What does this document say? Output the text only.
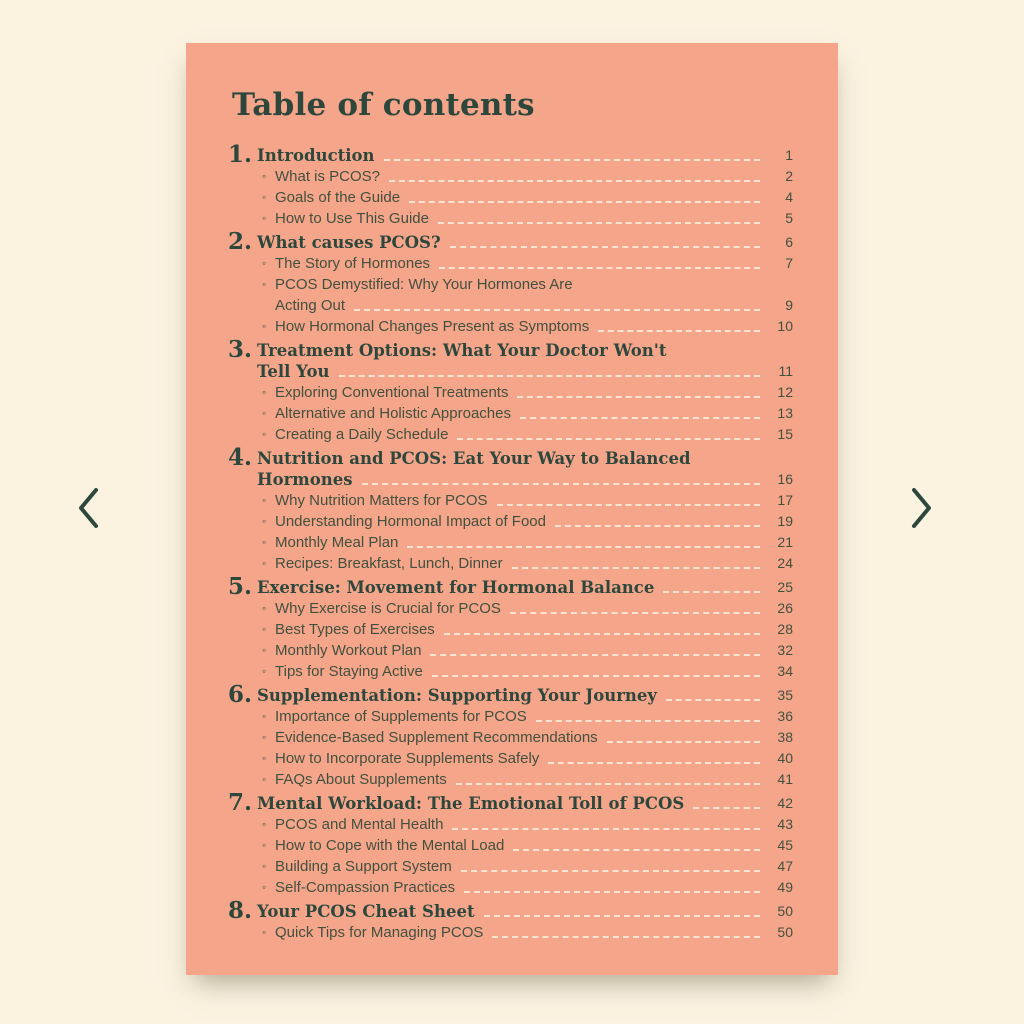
Table of contents
1. Introduction	1
◦ What is PCOS?	2
◦ Goals of the Guide	4
◦ How to Use This Guide	5
2. What causes PCOS?	6
◦ The Story of Hormones	7
◦ PCOS Demystified: Why Your Hormones Are
Acting Out	9
◦ How Hormonal Changes Present as Symptoms	10
3. Treatment Options: What Your Doctor Won't
Tell You	11
◦ Exploring Conventional Treatments	12
◦ Alternative and Holistic Approaches	13
◦ Creating a Daily Schedule	15
4. Nutrition and PCOS: Eat Your Way to Balanced
Hormones	16
◦ Why Nutrition Matters for PCOS	17
◦ Understanding Hormonal Impact of Food	19
◦ Monthly Meal Plan	21
◦ Recipes: Breakfast, Lunch, Dinner	24
5. Exercise: Movement for Hormonal Balance	25
◦ Why Exercise is Crucial for PCOS	26
◦ Best Types of Exercises	28
◦ Monthly Workout Plan	32
◦ Tips for Staying Active	34
6. Supplementation: Supporting Your Journey	35
◦ Importance of Supplements for PCOS	36
◦ Evidence-Based Supplement Recommendations	38
◦ How to Incorporate Supplements Safely	40
◦ FAQs About Supplements	41
7. Mental Workload: The Emotional Toll of PCOS	42
◦ PCOS and Mental Health	43
◦ How to Cope with the Mental Load	45
◦ Building a Support System	47
◦ Self-Compassion Practices	49
8. Your PCOS Cheat Sheet	50
◦ Quick Tips for Managing PCOS	50
